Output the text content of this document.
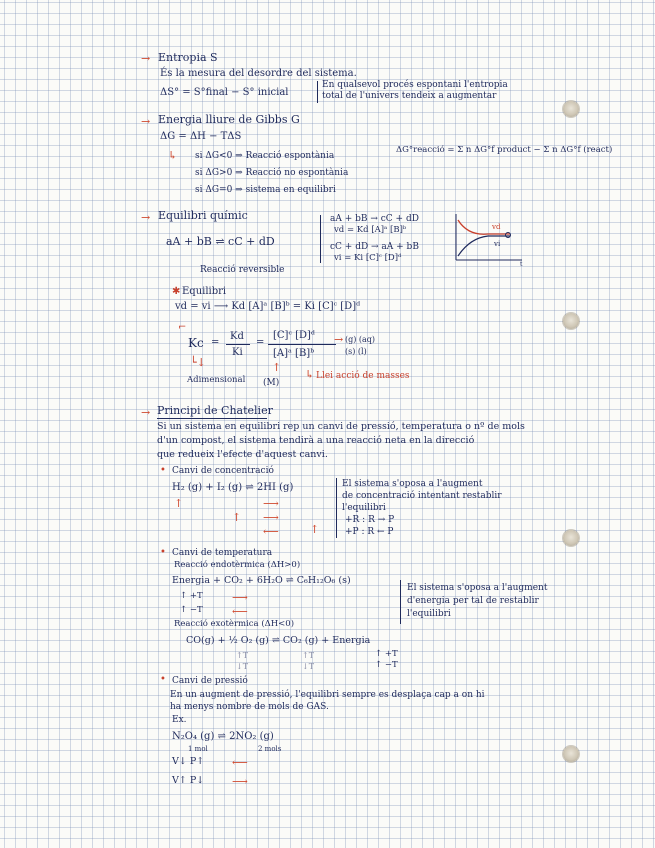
→ Entropia S
És la mesura del desordre del sistema.
ΔS° = S°final − S° inicial
En qualsevol procés espontani l'entropia
total de l'univers tendeix a augmentar
→ Energia lliure de Gibbs G
ΔG = ΔH − TΔS
↳ si ΔG<0 ⇒ Reacció espontània
si ΔG>0 ⇒ Reacció no espontània
si ΔG=0 ⇒ sistema en equilibri
ΔG°reacció = Σ n ΔG°f product − Σ n ΔG°f (react)
→ Equilibri químic
aA + bB ⇌ cC + dD
Reacció reversible
aA + bB → cC + dD
vd = Kd [A]ᵃ [B]ᵇ
cC + dD → aA + bB
vi = Ki [C]ᶜ [D]ᵈ
vd
vi
t
✱ Equilibri
vd = vi ⟶ Kd [A]ᵃ [B]ᵇ = Ki [C]ᶜ [D]ᵈ
⌐
Kc =
Kd
Ki
=
[C]ᶜ [D]ᵈ
[A]ᵃ [B]ᵇ
→ (g) (aq)
(s) (l)
└↓
Adimensional (M)
↑
↳ Llei acció de masses
→ Principi de Chatelier
Si un sistema en equilibri rep un canvi de pressió, temperatura o nº de mols
d'un compost, el sistema tendirà a una reacció neta en la direcció
que redueix l'efecte d'aquest canvi.
• Canvi de concentració
H₂ (g) + I₂ (g) ⇌ 2HI (g)
↑	⟶
↑ ⟶
↑
⟵
El sistema s'oposa a l'augment
de concentració intentant restablir
l'equilibri
+R : R → P
+P : R ← P
• Canvi de temperatura
Reacció endotèrmica (ΔH>0)
Energia + CO₂ + 6H₂O ⇌ C₆H₁₂O₆ (s)
↑ +T	⟶
↑ −T	⟵
Reacció exotèrmica (ΔH<0)
CO(g) + ½ O₂ (g) ⇌ CO₂ (g) + Energia
↑T
↓T
↑T
↓T
↑ +T
↑ −T
El sistema s'oposa a l'augment
d'energia per tal de restablir
l'equilibri
• Canvi de pressió
En un augment de pressió, l'equilibri sempre es desplaça cap a on hi
ha menys nombre de mols de GAS.
Ex.
N₂O₄ (g) ⇌ 2NO₂ (g)
1 mol	2 mols
V↓ P↑	⟵
V↑ P↓	⟶
